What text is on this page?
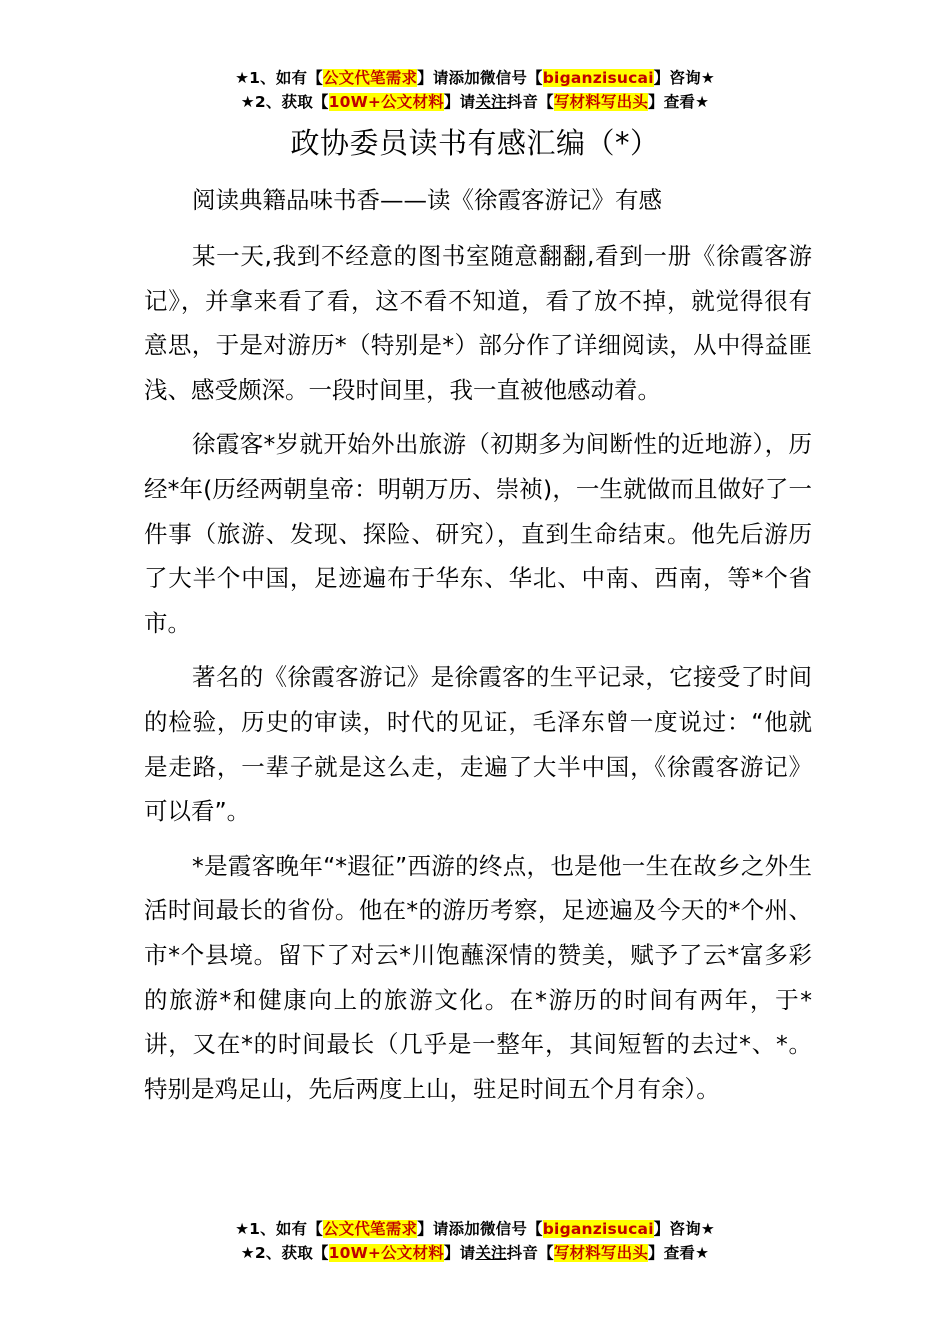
★1、如有【公文代笔需求】请添加微信号【biganzisucai】咨询★
★2、获取【10W+公文材料】请关注抖音【写材料写出头】查看★
政协委员读书有感汇编（*）
阅读典籍品味书香——读《徐霞客游记》有感

某一天,我到不经意的图书室随意翻翻,看到一册《徐霞客游记》，并拿来看了看，这不看不知道，看了放不掉，就觉得很有意思，于是对游历*（特别是*）部分作了详细阅读，从中得益匪浅、感受颇深。一段时间里，我一直被他感动着。

徐霞客*岁就开始外出旅游（初期多为间断性的近地游），历经*年(历经两朝皇帝：明朝万历、崇祯)，一生就做而且做好了一件事（旅游、发现、探险、研究），直到生命结束。他先后游历了大半个中国，足迹遍布于华东、华北、中南、西南，等*个省市。

著名的《徐霞客游记》是徐霞客的生平记录，它接受了时间的检验，历史的审读，时代的见证，毛泽东曾一度说过：“他就是走路，一辈子就是这么走，走遍了大半中国，《徐霞客游记》可以看”。

*是霞客晚年“*遐征”西游的终点，也是他一生在故乡之外生活时间最长的省份。他在*的游历考察，足迹遍及今天的*个州、市*个县境。留下了对云*川饱蘸深情的赞美，赋予了云*富多彩的旅游*和健康向上的旅游文化。在*游历的时间有两年，于*讲，又在*的时间最长（几乎是一整年，其间短暂的去过*、*。特别是鸡足山，先后两度上山，驻足时间五个月有余）。

★1、如有【公文代笔需求】请添加微信号【biganzisucai】咨询★
★2、获取【10W+公文材料】请关注抖音【写材料写出头】查看★
